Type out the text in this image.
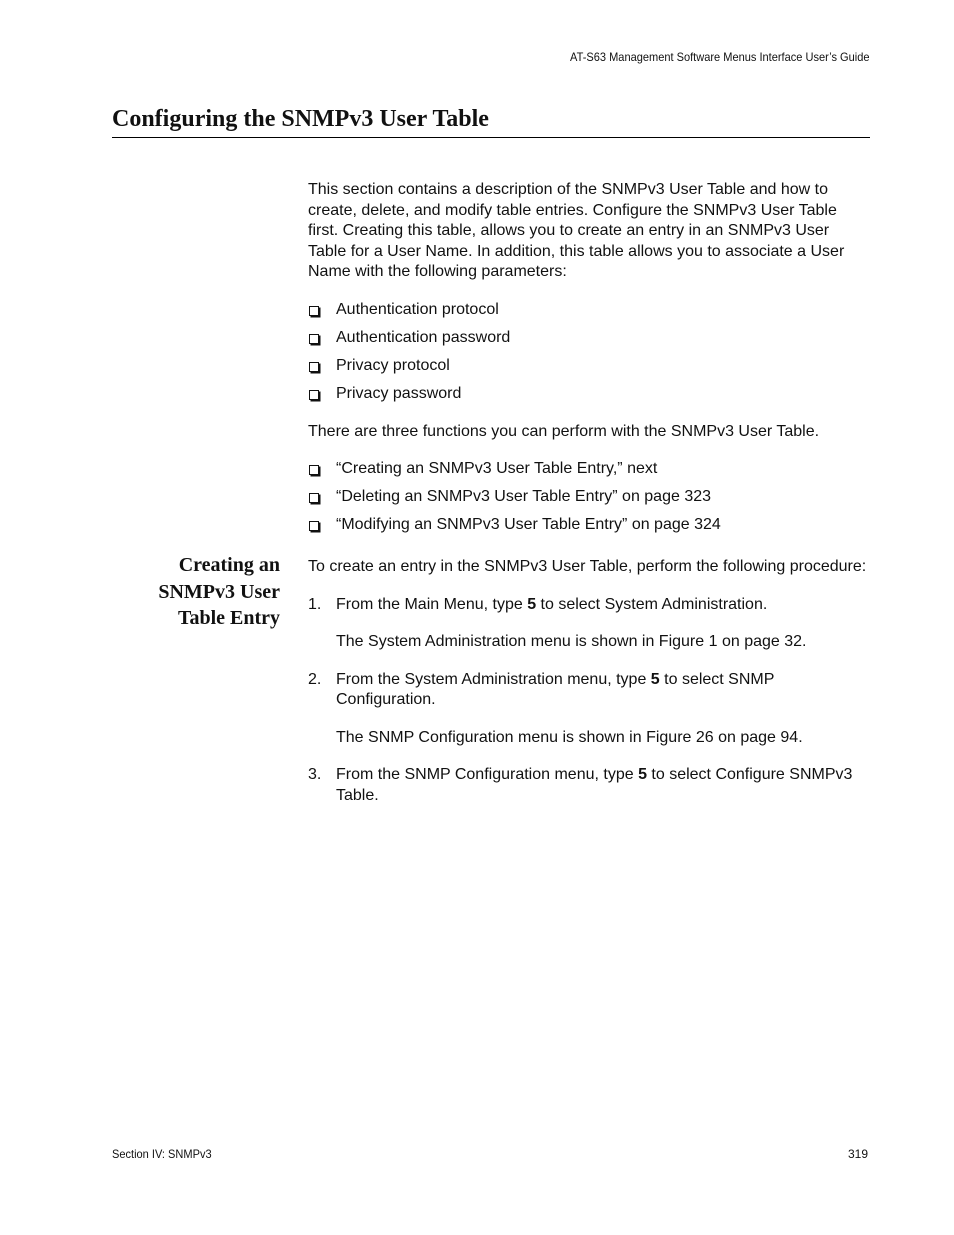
AT-S63 Management Software Menus Interface User’s Guide
Configuring the SNMPv3 User Table

This section contains a description of the SNMPv3 User Table and how to create, delete, and modify table entries. Configure the SNMPv3 User Table first. Creating this table, allows you to create an entry in an SNMPv3 User Table for a User Name. In addition, this table allows you to associate a User Name with the following parameters:

Authentication protocol
Authentication password
Privacy protocol
Privacy password

There are three functions you can perform with the SNMPv3 User Table.

“Creating an SNMPv3 User Table Entry,” next
“Deleting an SNMPv3 User Table Entry” on page 323
“Modifying an SNMPv3 User Table Entry” on page 324
Creating an
SNMPv3 User
Table Entry

To create an entry in the SNMPv3 User Table, perform the following procedure:

1. From the Main Menu, type 5 to select System Administration.
The System Administration menu is shown in Figure 1 on page 32.
2. From the System Administration menu, type 5 to select SNMP Configuration.
The SNMP Configuration menu is shown in Figure 26 on page 94.
3. From the SNMP Configuration menu, type 5 to select Configure SNMPv3 Table.
Section IV: SNMPv3	319
